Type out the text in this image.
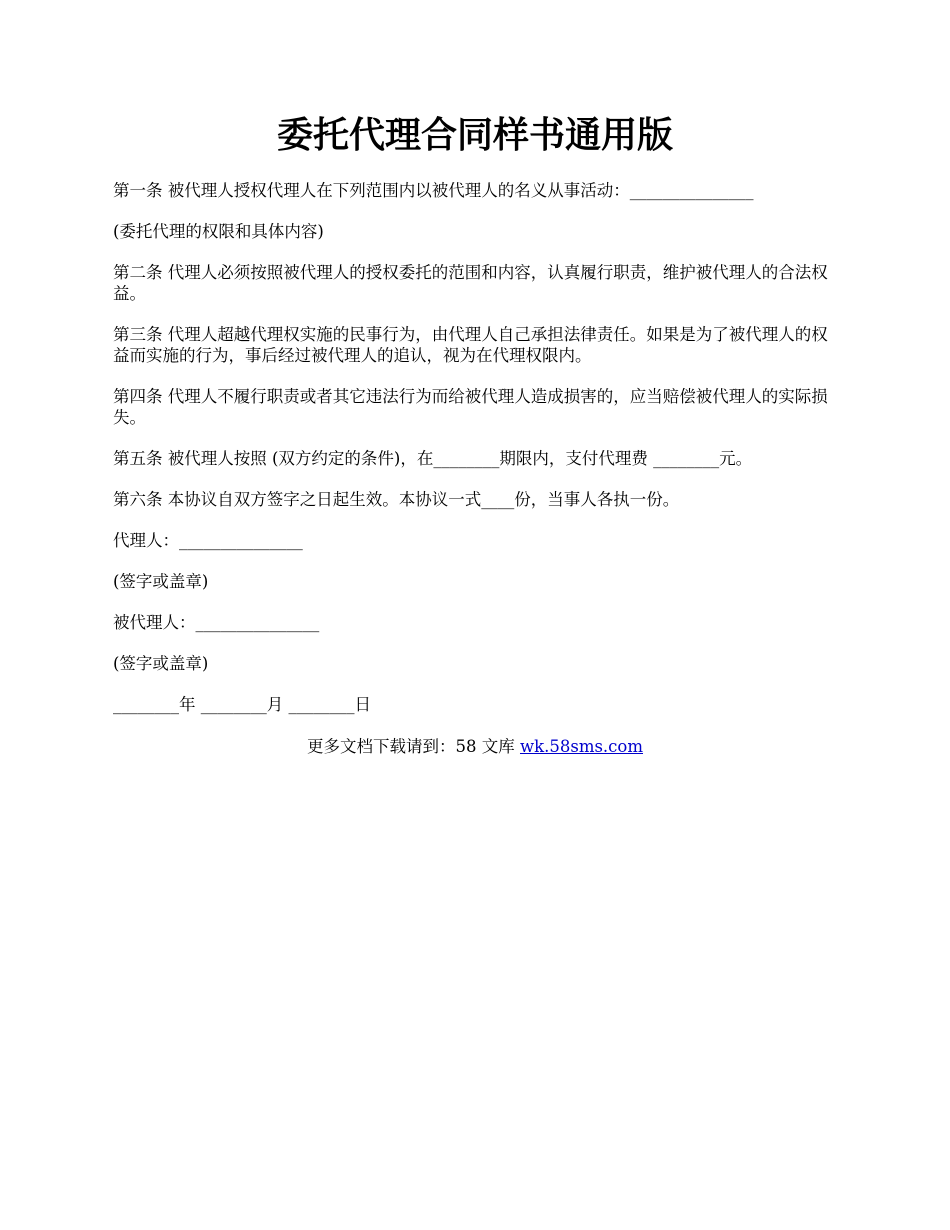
委托代理合同样书通用版

第一条 被代理人授权代理人在下列范围内以被代理人的名义从事活动：_______________

(委托代理的权限和具体内容)

第二条 代理人必须按照被代理人的授权委托的范围和内容，认真履行职责，维护被代理人的合法权益。

第三条 代理人超越代理权实施的民事行为，由代理人自己承担法律责任。如果是为了被代理人的权益而实施的行为，事后经过被代理人的追认，视为在代理权限内。

第四条 代理人不履行职责或者其它违法行为而给被代理人造成损害的，应当赔偿被代理人的实际损失。

第五条 被代理人按照 (双方约定的条件)，在________期限内，支付代理费 ________元。

第六条 本协议自双方签字之日起生效。本协议一式____份，当事人各执一份。

代理人：_______________

(签字或盖章)

被代理人：_______________

(签字或盖章)

________年 ________月 ________日

更多文档下载请到：58 文库 wk.58sms.com
